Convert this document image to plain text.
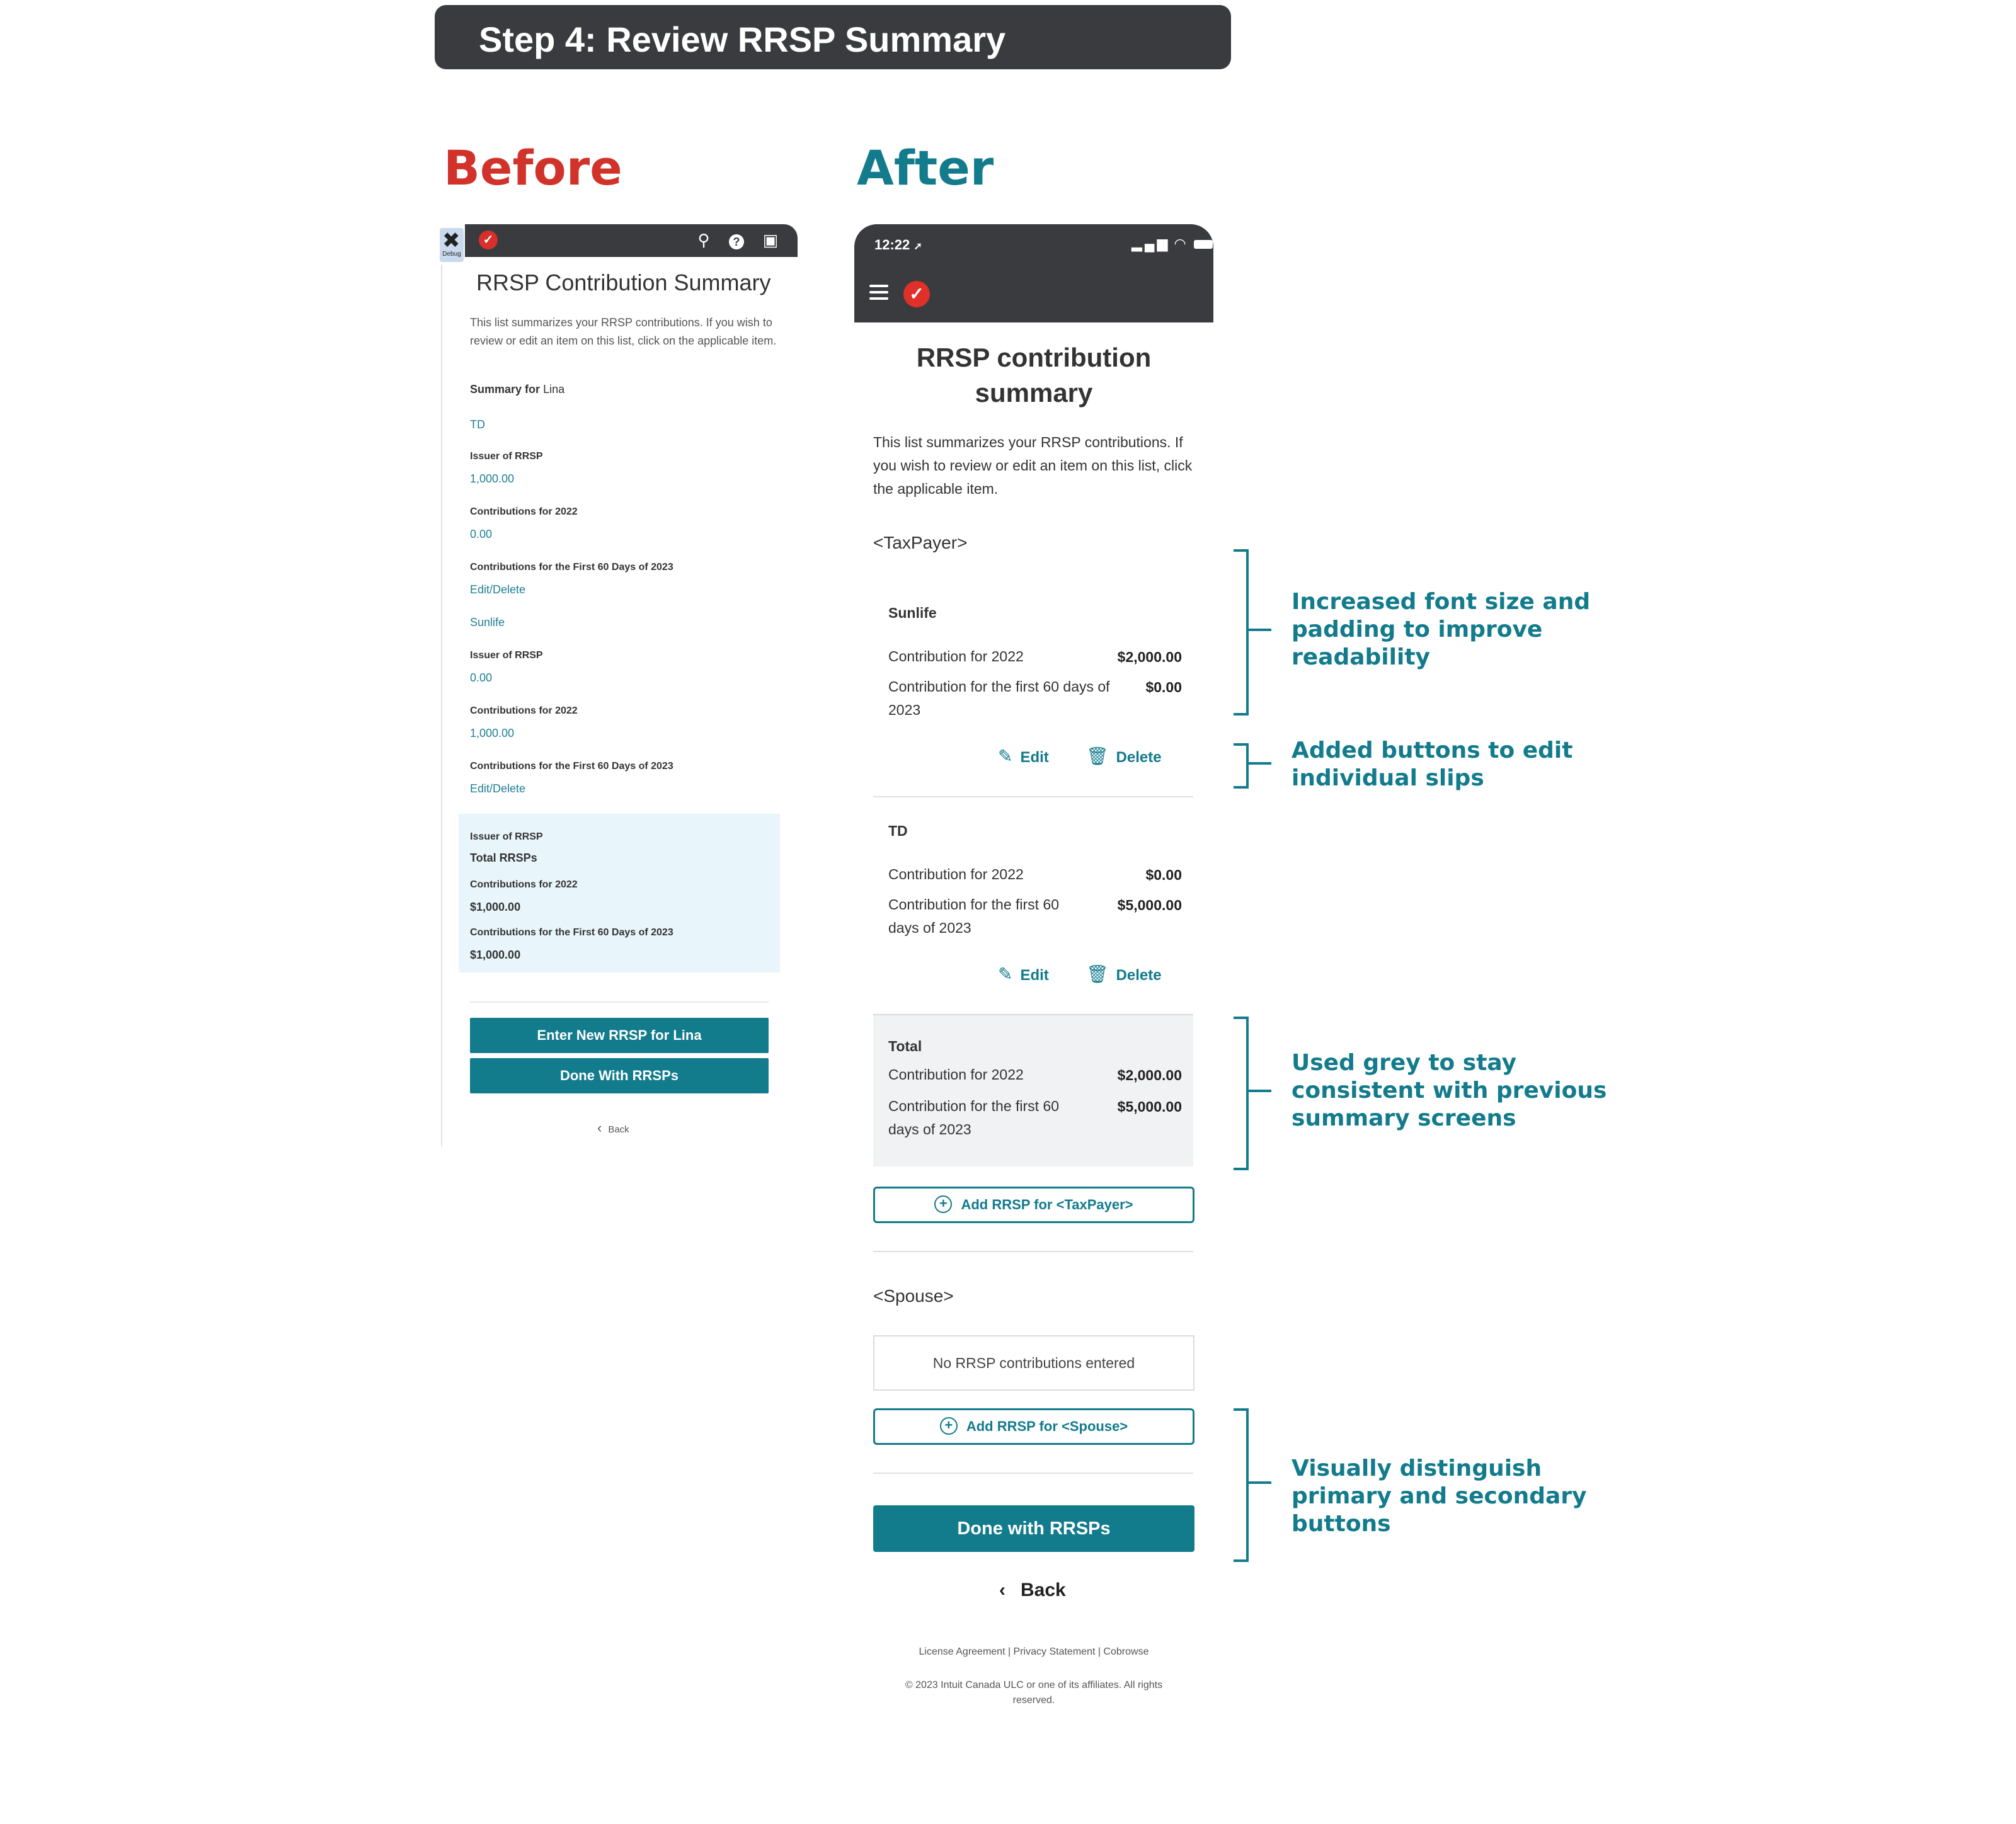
Step 4: Review RRSP Summary
Before	After
✖
Debug
✓	⚲	?	▣
RRSP Contribution Summary
This list summarizes your RRSP contributions. If you wish to review or edit an item on this list, click on the applicable item.
Summary for Lina
TD
Issuer of RRSP
1,000.00
Contributions for 2022
0.00
Contributions for the First 60 Days of 2023
Edit/Delete
Sunlife
Issuer of RRSP
0.00
Contributions for 2022
1,000.00
Contributions for the First 60 Days of 2023
Edit/Delete
Issuer of RRSP
Total RRSPs
Contributions for 2022
$1,000.00
Contributions for the First 60 Days of 2023
$1,000.00
Enter New RRSP for Lina
Done With RRSPs
‹ Back
12:22 ➚	▂▄▆ ◠
✓
RRSP contribution summary
This list summarizes your RRSP contributions. If you wish to review or edit an item on this list, click the applicable item.
<TaxPayer>
Sunlife
Contribution for 2022	$2,000.00
Contribution for the first 60 days of 2023
$0.00
✎ Edit 🗑 Delete
TD
Contribution for 2022	$0.00
Contribution for the first 60 days of 2023
$5,000.00
✎ Edit 🗑 Delete
Total
Contribution for 2022	$2,000.00
Contribution for the first 60 days of 2023
$5,000.00
+ Add RRSP for <TaxPayer>
<Spouse>
No RRSP contributions entered
+ Add RRSP for <Spouse>
Done with RRSPs
‹ Back
License Agreement | Privacy Statement | Cobrowse
© 2023 Intuit Canada ULC or one of its affiliates. All rights reserved.
Increased font size and padding to improve readability
Added buttons to edit individual slips
Used grey to stay consistent with previous summary screens
Visually distinguish primary and secondary buttons
